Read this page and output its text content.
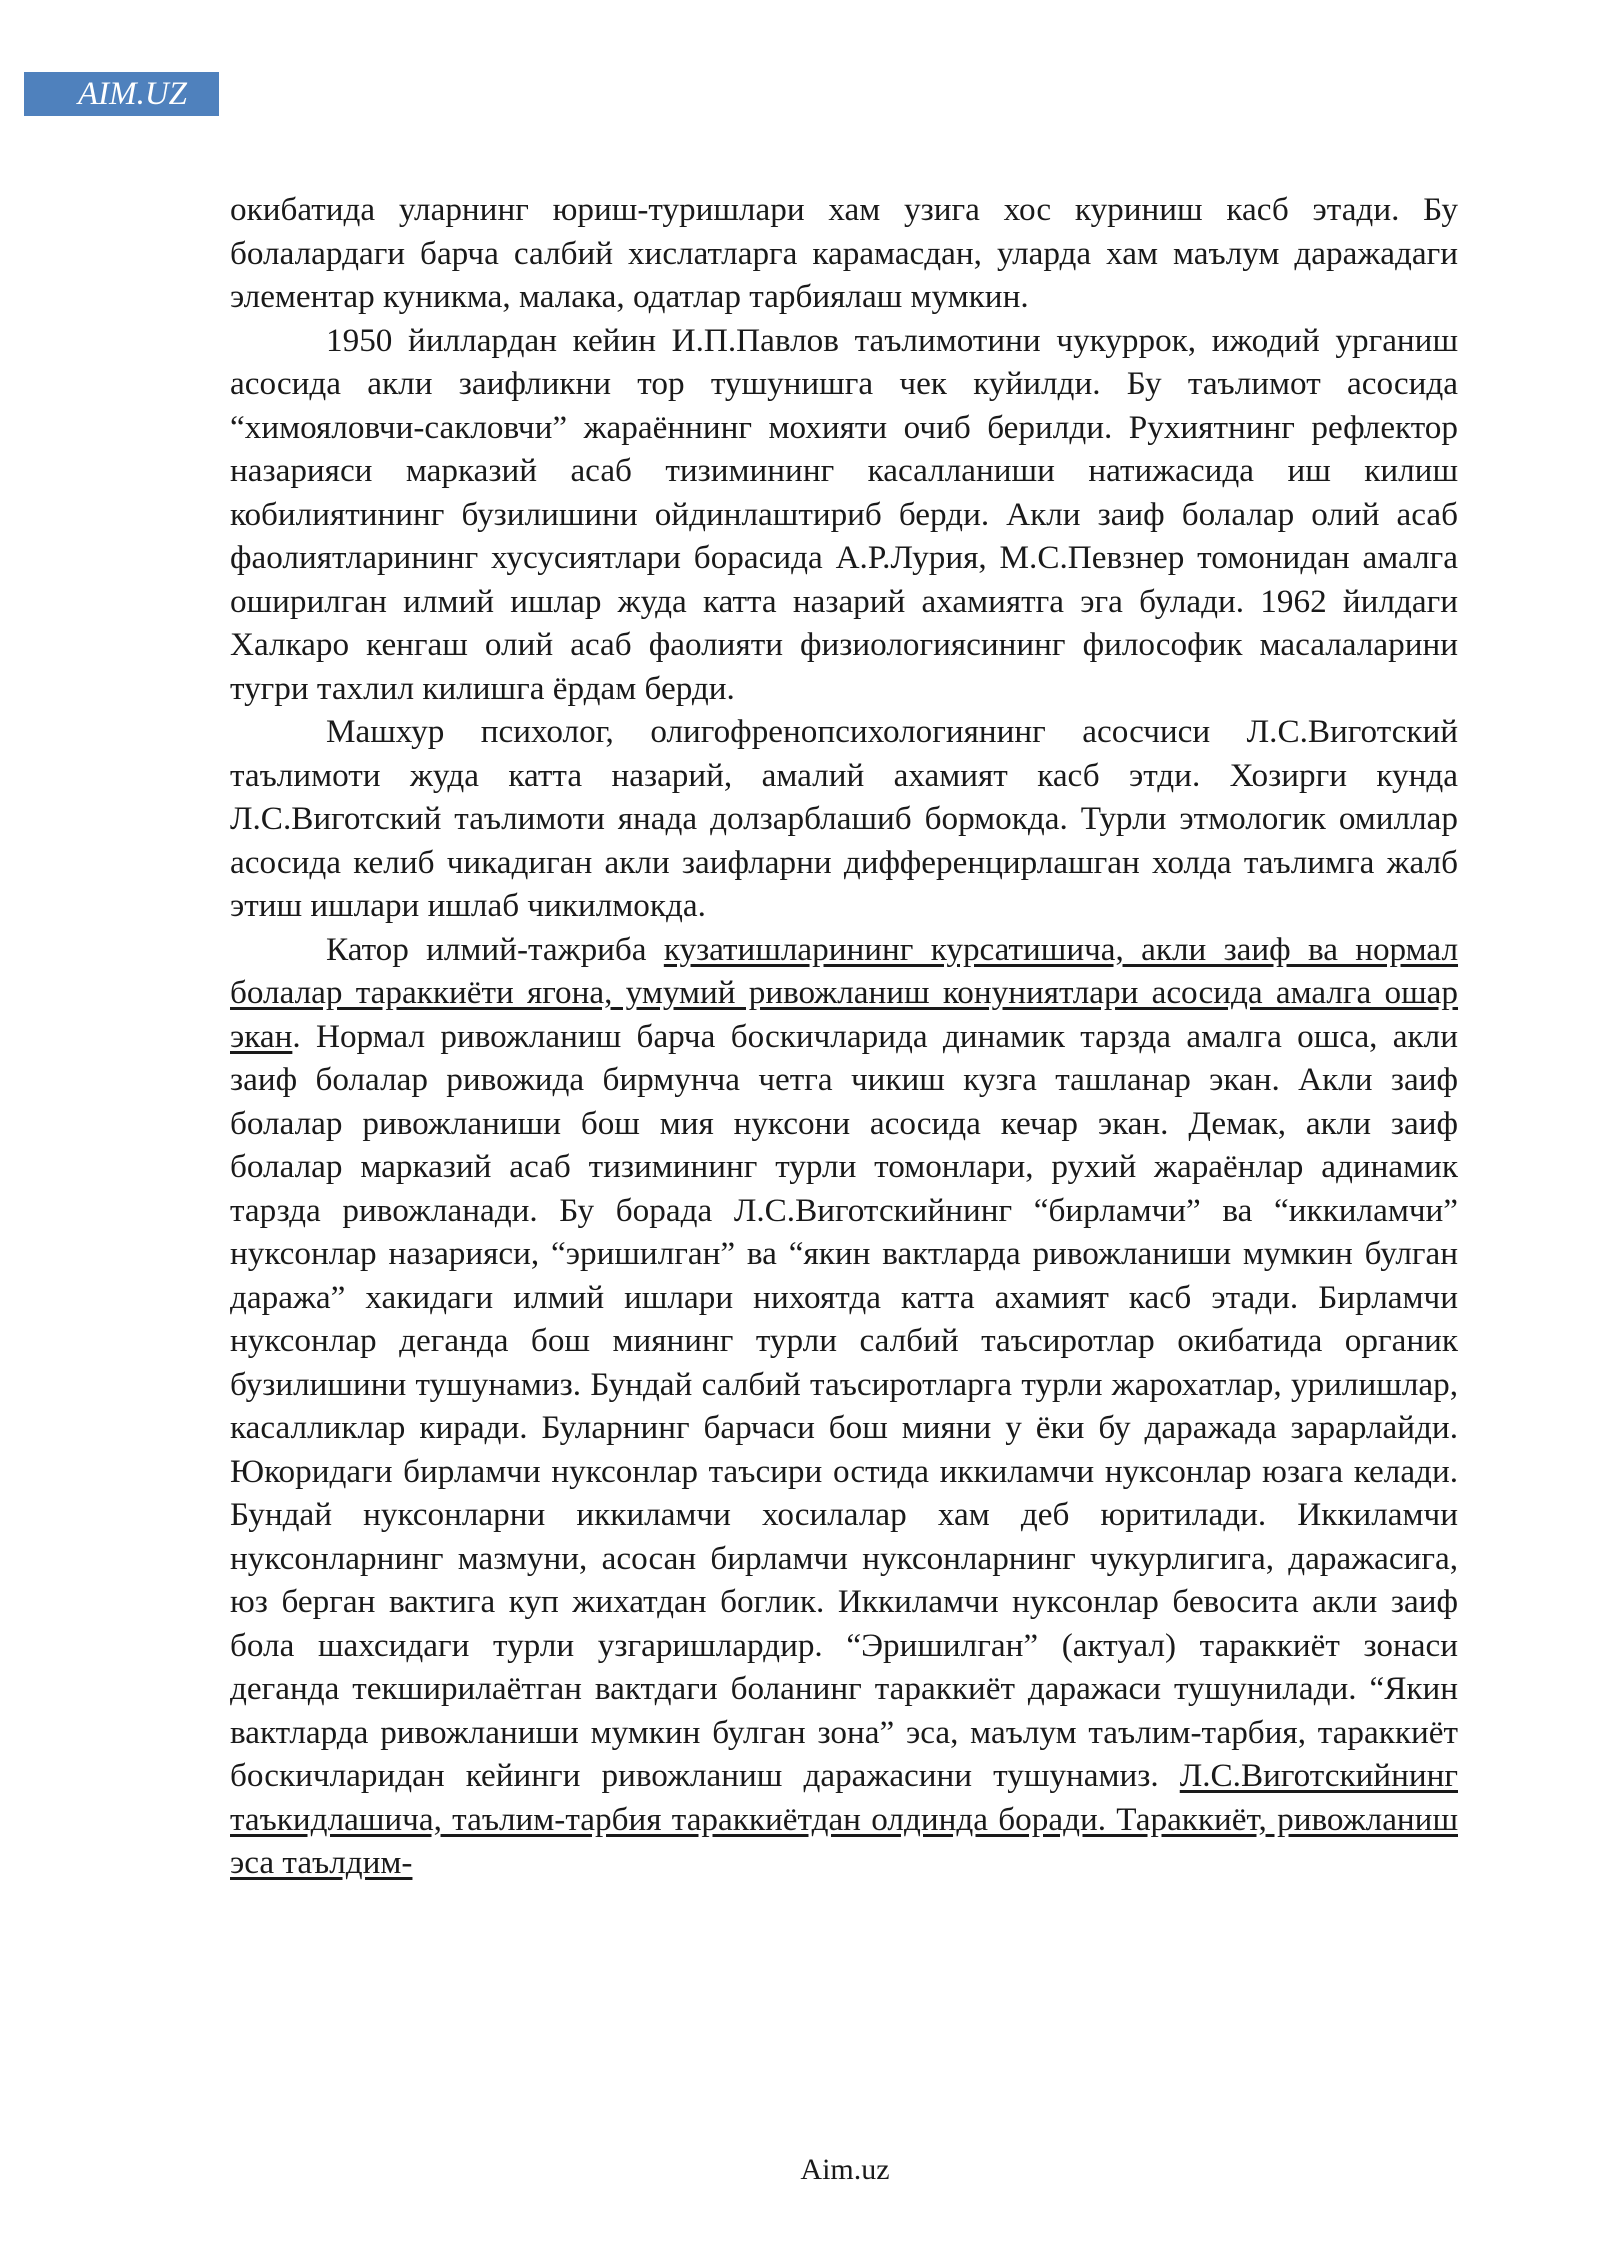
AIM.UZ

окибатида уларнинг юриш-туришлари хам узига хос куриниш касб этади. Бу болалардаги барча салбий хислатларга карамасдан, уларда хам маълум даражадаги элементар куникма, малака, одатлар тарбиялаш мумкин.

1950 йиллардан кейин И.П.Павлов таълимотини чукуррок, ижодий урганиш асосида акли заифликни тор тушунишга чек куйилди. Бу таълимот асосида “химояловчи-сакловчи” жараённинг мохияти очиб берилди. Рухиятнинг рефлектор назарияси марказий асаб тизимининг касалланиши натижасида иш килиш кобилиятининг бузилишини ойдинлаштириб берди. Акли заиф болалар олий асаб фаолиятларининг хусусиятлари борасида А.Р.Лурия, М.С.Певзнер томонидан амалга оширилган илмий ишлар жуда катта назарий ахамиятга эга булади. 1962 йилдаги Халкаро кенгаш олий асаб фаолияти физиологиясининг философик масалаларини тугри тахлил килишга ёрдам берди.

Машхур психолог, олигофренопсихологиянинг асосчиси Л.С.Виготский таълимоти жуда катта назарий, амалий ахамият касб этди. Хозирги кунда Л.С.Виготский таълимоти янада долзарблашиб бормокда. Турли этмологик омиллар асосида келиб чикадиган акли заифларни дифференцирлашган холда таълимга жалб этиш ишлари ишлаб чикилмокда.

Катор илмий-тажриба кузатишларининг курсатишича, акли заиф ва нормал болалар тараккиёти ягона, умумий ривожланиш конуниятлари асосида амалга ошар экан. Нормал ривожланиш барча боскичларида динамик тарзда амалга ошса, акли заиф болалар ривожида бирмунча четга чикиш кузга ташланар экан. Акли заиф болалар ривожланиши бош мия нуксони асосида кечар экан. Демак, акли заиф болалар марказий асаб тизимининг турли томонлари, рухий жараёнлар адинамик тарзда ривожланади. Бу борада Л.С.Виготскийнинг “бирламчи” ва “иккиламчи” нуксонлар назарияси, “эришилган” ва “якин вактларда ривожланиши мумкин булган даража” хакидаги илмий ишлари нихоятда катта ахамият касб этади. Бирламчи нуксонлар деганда бош миянинг турли салбий таъсиротлар окибатида органик бузилишини тушунамиз. Бундай салбий таъсиротларга турли жарохатлар, урилишлар, касалликлар киради. Буларнинг барчаси бош мияни у ёки бу даражада зарарлайди. Юкоридаги бирламчи нуксонлар таъсири остида иккиламчи нуксонлар юзага келади. Бундай нуксонларни иккиламчи хосилалар хам деб юритилади. Иккиламчи нуксонларнинг мазмуни, асосан бирламчи нуксонларнинг чукурлигига, даражасига, юз берган вактига куп жихатдан боглик. Иккиламчи нуксонлар бевосита акли заиф бола шахсидаги турли узгаришлардир. “Эришилган” (актуал) тараккиёт зонаси деганда текширилаётган вактдаги боланинг тараккиёт даражаси тушунилади. “Якин вактларда ривожланиши мумкин булган зона” эса, маълум таълим-тарбия, тараккиёт боскичларидан кейинги ривожланиш даражасини тушунамиз. Л.С.Виготскийнинг таъкидлашича, таълим-тарбия тараккиётдан олдинда боради. Тараккиёт, ривожланиш эса таълдим-

Aim.uz
